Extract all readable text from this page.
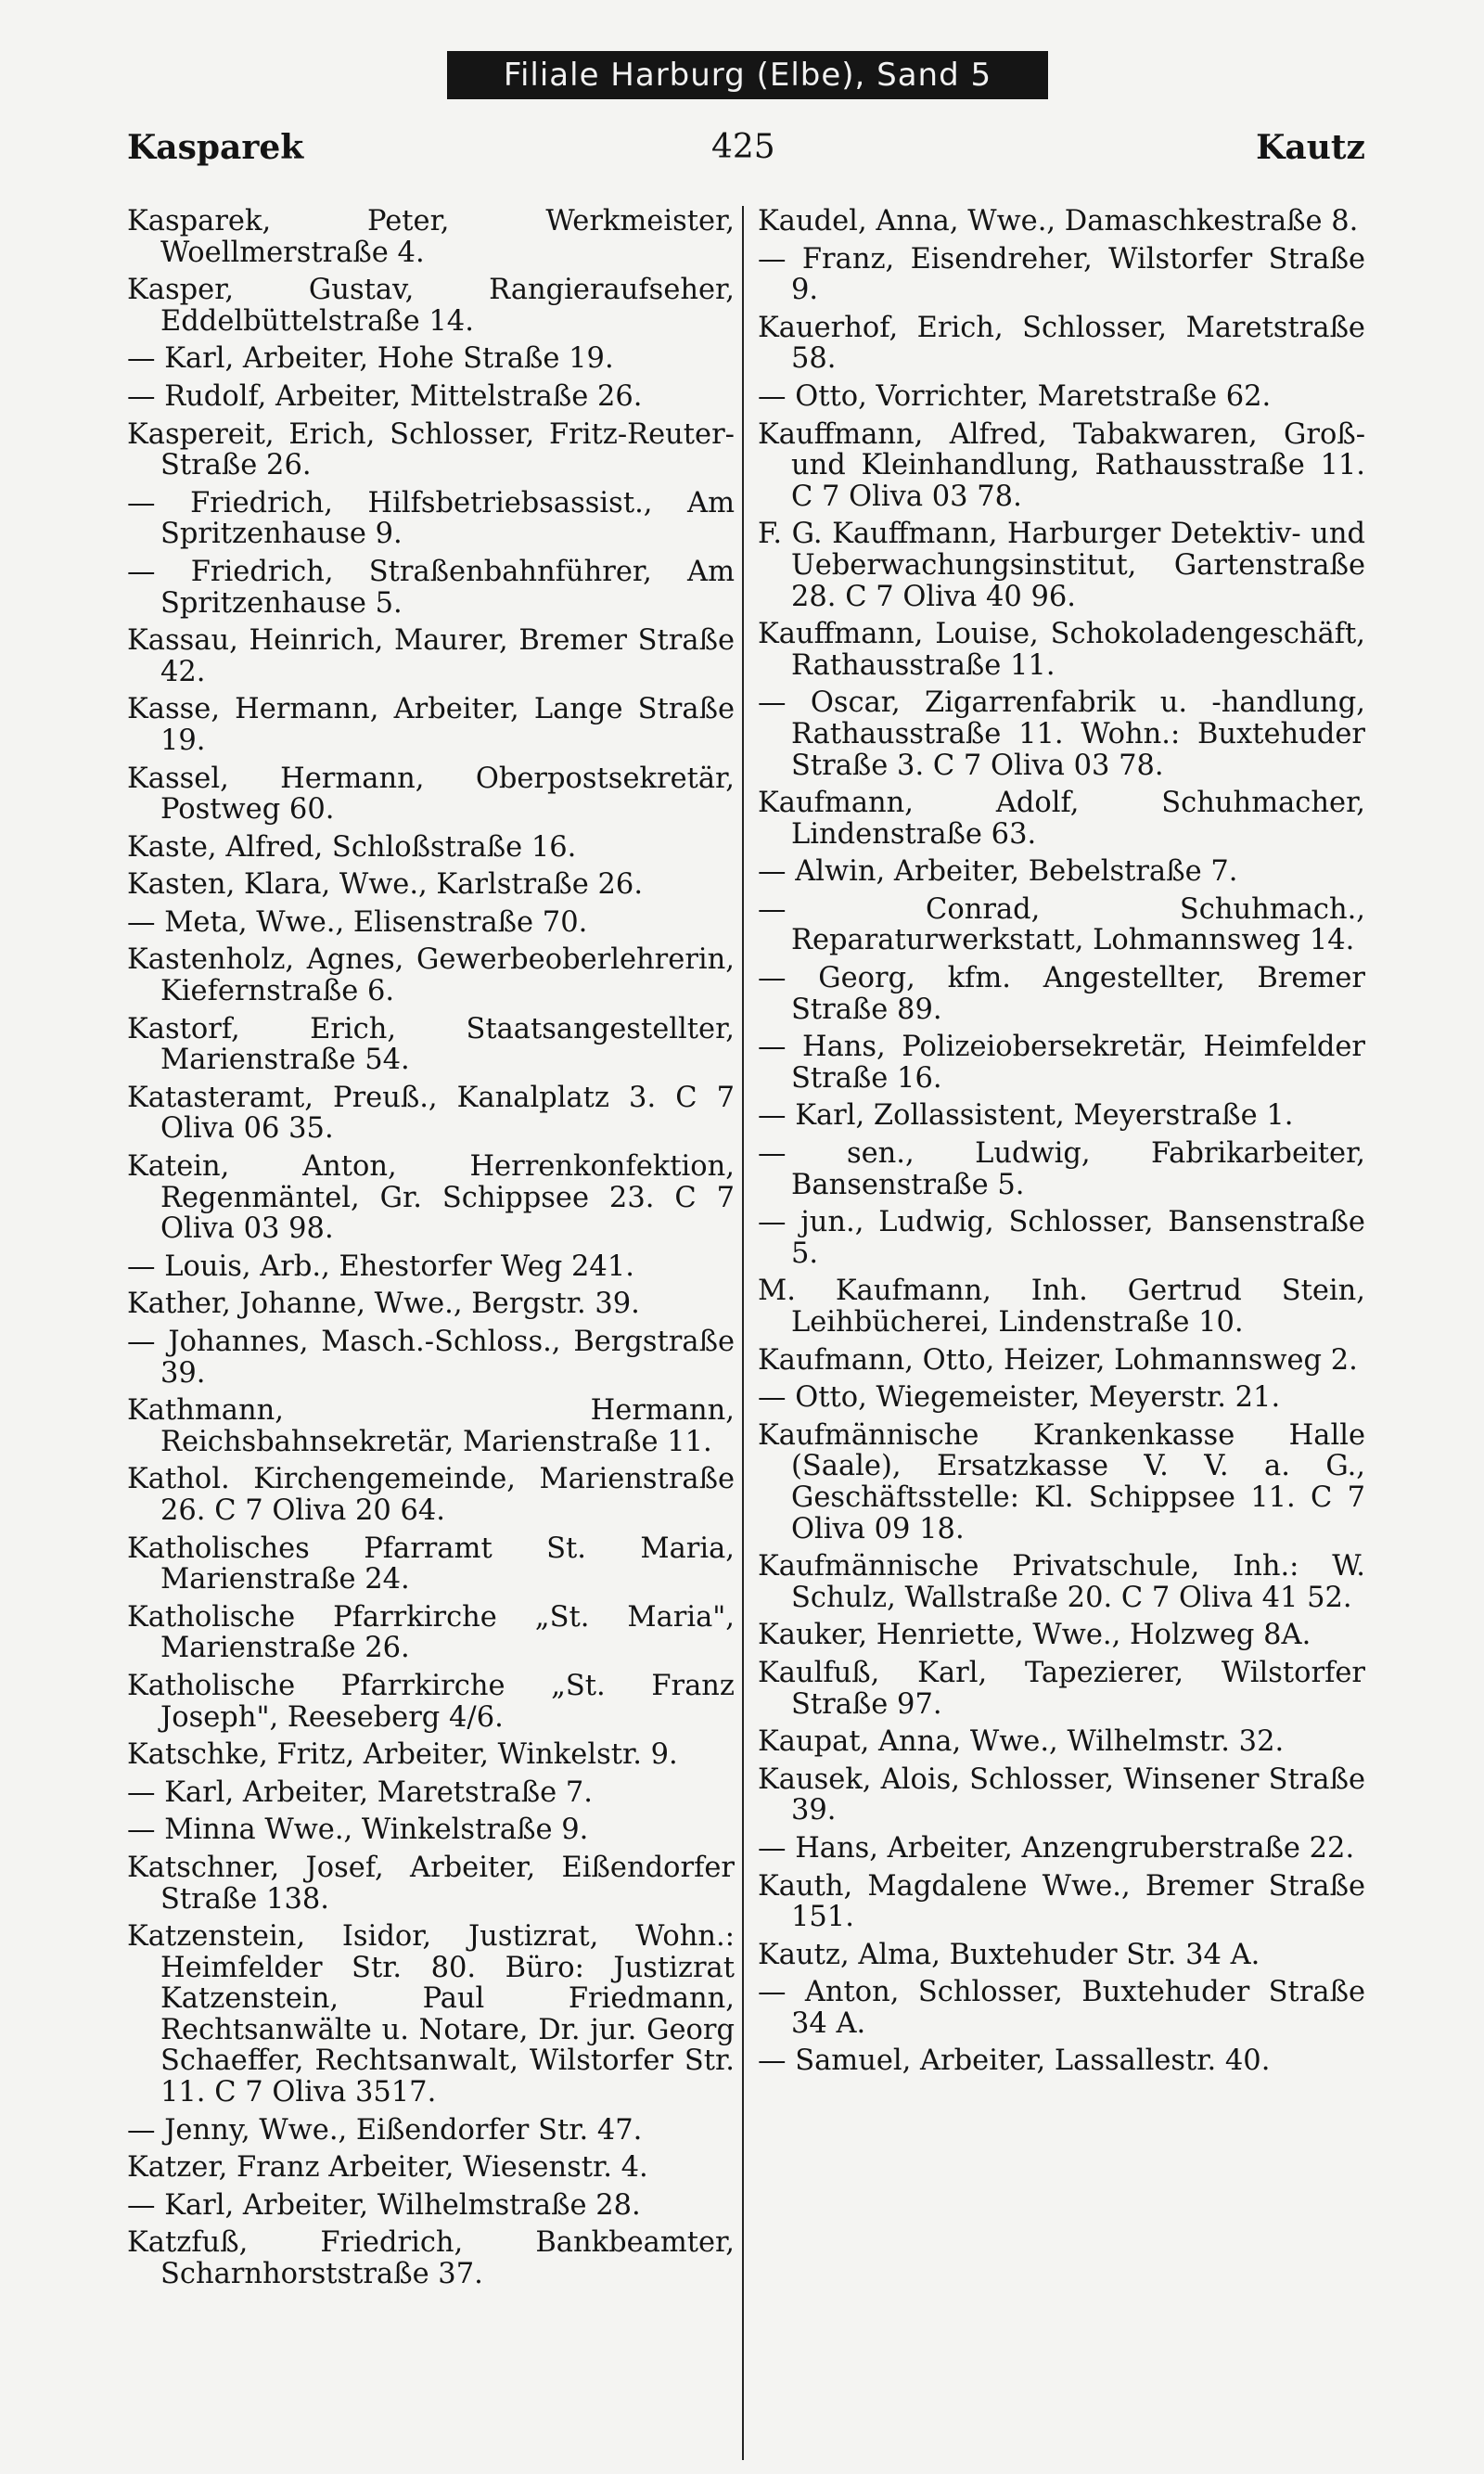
Filiale Harburg (Elbe), Sand 5
Kasparek	425	Kautz

Kasparek, Peter, Werkmeister, Woellmerstraße 4.

Kasper, Gustav, Rangieraufseher, Eddelbüttelstraße 14.

— Karl, Arbeiter, Hohe Straße 19.

— Rudolf, Arbeiter, Mittelstraße 26.

Kaspereit, Erich, Schlosser, Fritz-Reuter-Straße 26.

— Friedrich, Hilfsbetriebsassist., Am Spritzenhause 9.

— Friedrich, Straßenbahnführer, Am Spritzenhause 5.

Kassau, Heinrich, Maurer, Bremer Straße 42.

Kasse, Hermann, Arbeiter, Lange Straße 19.

Kassel, Hermann, Oberpostsekretär, Postweg 60.

Kaste, Alfred, Schloßstraße 16.

Kasten, Klara, Wwe., Karlstraße 26.

— Meta, Wwe., Elisenstraße 70.

Kastenholz, Agnes, Gewerbeoberlehrerin, Kiefernstraße 6.

Kastorf, Erich, Staatsangestellter, Marienstraße 54.

Katasteramt, Preuß., Kanalplatz 3. C 7 Oliva 06 35.

Katein, Anton, Herrenkonfektion, Regenmäntel, Gr. Schippsee 23. C 7 Oliva 03 98.

— Louis, Arb., Ehestorfer Weg 241.

Kather, Johanne, Wwe., Bergstr. 39.

— Johannes, Masch.-Schloss., Bergstraße 39.

Kathmann, Hermann, Reichsbahnsekretär, Marienstraße 11.

Kathol. Kirchengemeinde, Marienstraße 26. C 7 Oliva 20 64.

Katholisches Pfarramt St. Maria, Marienstraße 24.

Katholische Pfarrkirche „St. Maria", Marienstraße 26.

Katholische Pfarrkirche „St. Franz Joseph", Reeseberg 4/6.

Katschke, Fritz, Arbeiter, Winkelstr. 9.

— Karl, Arbeiter, Maretstraße 7.

— Minna Wwe., Winkelstraße 9.

Katschner, Josef, Arbeiter, Eißendorfer Straße 138.

Katzenstein, Isidor, Justizrat, Wohn.: Heimfelder Str. 80. Büro: Justizrat Katzenstein, Paul Friedmann, Rechtsanwälte u. Notare, Dr. jur. Georg Schaeffer, Rechtsanwalt, Wilstorfer Str. 11. C 7 Oliva 3517.

— Jenny, Wwe., Eißendorfer Str. 47.

Katzer, Franz Arbeiter, Wiesenstr. 4.

— Karl, Arbeiter, Wilhelmstraße 28.

Katzfuß, Friedrich, Bankbeamter, Scharnhorststraße 37.

Kaudel, Anna, Wwe., Damaschkestraße 8.

— Franz, Eisendreher, Wilstorfer Straße 9.

Kauerhof, Erich, Schlosser, Maretstraße 58.

— Otto, Vorrichter, Maretstraße 62.

Kauffmann, Alfred, Tabakwaren, Groß- und Kleinhandlung, Rathausstraße 11. C 7 Oliva 03 78.

F. G. Kauffmann, Harburger Detektiv- und Ueberwachungsinstitut, Gartenstraße 28. C 7 Oliva 40 96.

Kauffmann, Louise, Schokoladengeschäft, Rathausstraße 11.

— Oscar, Zigarrenfabrik u. -handlung, Rathausstraße 11. Wohn.: Buxtehuder Straße 3. C 7 Oliva 03 78.

Kaufmann, Adolf, Schuhmacher, Lindenstraße 63.

— Alwin, Arbeiter, Bebelstraße 7.

— Conrad, Schuhmach., Reparaturwerkstatt, Lohmannsweg 14.

— Georg, kfm. Angestellter, Bremer Straße 89.

— Hans, Polizeiobersekretär, Heimfelder Straße 16.

— Karl, Zollassistent, Meyerstraße 1.

— sen., Ludwig, Fabrikarbeiter, Bansenstraße 5.

— jun., Ludwig, Schlosser, Bansenstraße 5.

M. Kaufmann, Inh. Gertrud Stein, Leihbücherei, Lindenstraße 10.

Kaufmann, Otto, Heizer, Lohmannsweg 2.

— Otto, Wiegemeister, Meyerstr. 21.

Kaufmännische Krankenkasse Halle (Saale), Ersatzkasse V. V. a. G., Geschäftsstelle: Kl. Schippsee 11. C 7 Oliva 09 18.

Kaufmännische Privatschule, Inh.: W. Schulz, Wallstraße 20. C 7 Oliva 41 52.

Kauker, Henriette, Wwe., Holzweg 8A.

Kaulfuß, Karl, Tapezierer, Wilstorfer Straße 97.

Kaupat, Anna, Wwe., Wilhelmstr. 32.

Kausek, Alois, Schlosser, Winsener Straße 39.

— Hans, Arbeiter, Anzengruberstraße 22.

Kauth, Magdalene Wwe., Bremer Straße 151.

Kautz, Alma, Buxtehuder Str. 34 A.

— Anton, Schlosser, Buxtehuder Straße 34 A.

— Samuel, Arbeiter, Lassallestr. 40.
